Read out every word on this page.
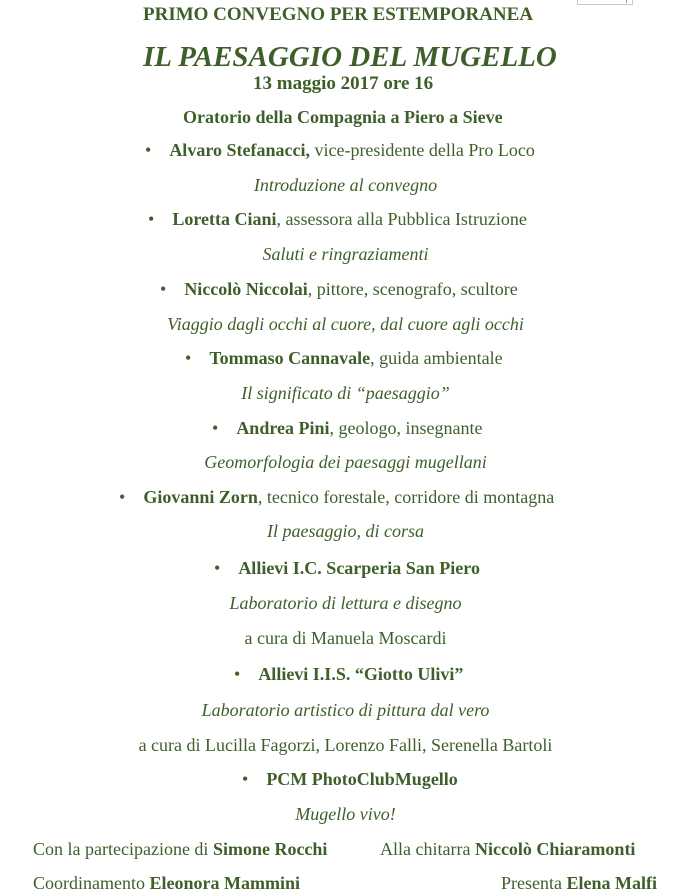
PRIMO CONVEGNO PER ESTEMPORANEA
IL PAESAGGIO DEL MUGELLO
13 maggio 2017 ore 16
Oratorio della Compagnia a Piero a Sieve
• Alvaro Stefanacci, vice-presidente della Pro Loco
Introduzione al convegno
• Loretta Ciani, assessora alla Pubblica Istruzione
Saluti e ringraziamenti
• Niccolò Niccolai, pittore, scenografo, scultore
Viaggio dagli occhi al cuore, dal cuore agli occhi
• Tommaso Cannavale, guida ambientale
Il significato di “paesaggio”
• Andrea Pini, geologo, insegnante
Geomorfologia dei paesaggi mugellani
• Giovanni Zorn, tecnico forestale, corridore di montagna
Il paesaggio, di corsa
• Allievi I.C. Scarperia San Piero
Laboratorio di lettura e disegno
a cura di Manuela Moscardi
• Allievi I.I.S. “Giotto Ulivi”
Laboratorio artistico di pittura dal vero
a cura di Lucilla Fagorzi, Lorenzo Falli, Serenella Bartoli
• PCM PhotoClubMugello
Mugello vivo!
Con la partecipazione di Simone Rocchi	Alla chitarra Niccolò Chiaramonti
Coordinamento Eleonora Mammini	Presenta Elena Malfi
